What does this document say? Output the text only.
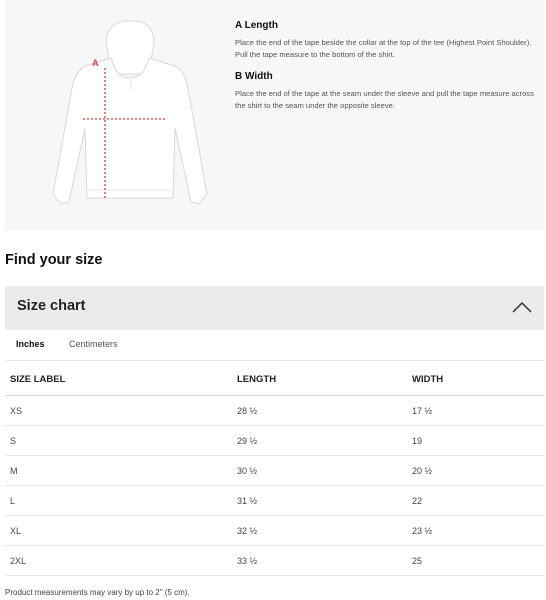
A
A Length
Place the end of the tape beside the collar at the top of the tee (Highest Point Shoulder). Pull the tape measure to the bottom of the shirt.
B Width
Place the end of the tape at the seam under the sleeve and pull the tape measure across the shirt to the seam under the opposite sleeve.
Find your size
Size chart
Inches	Centimeters
SIZE LABEL	LENGTH	WIDTH
XS	28 ½	17 ½
S	29 ½	19
M	30 ½	20 ½
L	31 ½	22
XL	32 ½	23 ½
2XL	33 ½	25
Product measurements may vary by up to 2" (5 cm).
